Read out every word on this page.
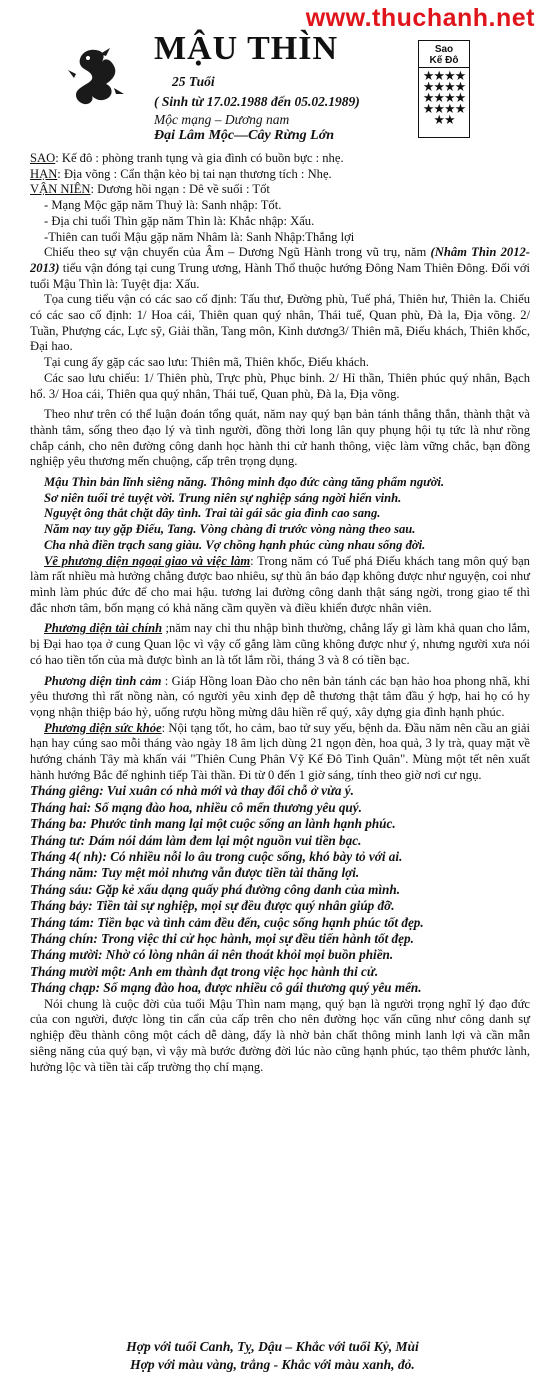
www.thuchanh.net
MẬU THÌN
25 Tuổi
( Sinh từ 17.02.1988 đến 05.02.1989)
Mộc mạng – Dương nam
Đại Lâm Mộc—Cây Rừng Lớn
Sao
Kế Đô
★★★★
★★★★
★★★★
★★★★
★★

SAO: Kế đô : phòng tranh tụng và gia đình có buồn bực : nhẹ.

HẠN: Địa võng : Cẩn thận kẻo bị tai nạn thương tích : Nhẹ.

VẬN NIÊN: Dương hồi ngạn : Dê về suối : Tốt

- Mạng Mộc gặp năm Thuỷ là: Sanh nhập: Tốt.

- Địa chi tuổi Thìn gặp năm Thìn là: Khắc nhập: Xấu.

-Thiên can tuổi Mậu gặp năm Nhâm là: Sanh Nhập:Thắng lợi

Chiếu theo sự vận chuyển của Âm – Dương Ngũ Hành trong vũ trụ, năm (Nhâm Thìn 2012-2013) tiểu vận đóng tại cung Trung ương, Hành Thổ thuộc hướng Đông Nam Thiên Đông. Đối với tuổi Mậu Thìn là: Tuyệt địa: Xấu.

Tọa cung tiểu vận có các sao cố định: Tấu thư, Đường phù, Tuế phá, Thiên hư, Thiên la. Chiếu có các sao cố định: 1/ Hoa cái, Thiên quan quý nhân, Thái tuế, Quan phù, Đà la, Địa võng. 2/ Tuần, Phượng các, Lực sỹ, Giải thần, Tang môn, Kình dương3/ Thiên mã, Điếu khách, Thiên khốc, Đại hao.

Tại cung ấy gặp các sao lưu: Thiên mã, Thiên khốc, Điếu khách.

Các sao lưu chiếu: 1/ Thiên phù, Trực phù, Phục binh. 2/ Hỉ thần, Thiên phúc quý nhân, Bạch hổ. 3/ Hoa cái, Thiên qua quý nhân, Thái tuế, Quan phù, Đà la, Địa võng.

Theo như trên có thể luận đoán tổng quát, năm nay quý bạn bản tánh thẳng thắn, thành thật và thành tâm, sống theo đạo lý và tình người, đồng thời long lân quy phụng hội tụ tức là như rồng chắp cánh, cho nên đường công danh học hành thi cử hanh thông, việc làm vững chắc, bạn đồng nghiệp yêu thương mến chuộng, cấp trên trọng dụng.

Mậu Thìn bản lĩnh siêng năng. Thông minh đạo đức càng tăng phẩm người.

Sơ niên tuổi trẻ tuyệt vời. Trung niên sự nghiệp sáng ngời hiển vinh.

Nguyệt ông thắt chặt dây tình. Trai tài gái sắc gia đình cao sang.

Năm nay tuy gặp Điếu, Tang. Vòng chàng đi trước vòng nàng theo sau.

Cha nhà điền trạch sang giàu. Vợ chồng hạnh phúc cùng nhau sống đời.

Về phương diện ngoại giao và việc làm: Trong năm có Tuế phá Điếu khách tang môn quý bạn làm rất nhiều mà hưởng chẳng được bao nhiêu, sự thù ân báo đạp không được như nguyện, coi như mình làm phúc đức để cho mai hậu. tương lai đường công danh thật sáng ngời, trong giao tế thì đắc nhơn tâm, bốn mạng có khả năng cầm quyền và điều khiển được nhân viên.

Phương diện tài chính ;năm nay chỉ thu nhập bình thường, chẳng lấy gì làm khả quan cho lắm, bị Đại hao tọa ở cung Quan lộc vì vậy cố gắng làm cũng không được như ý, nhưng người xưa nói có hao tiền tốn của mà được bình an là tốt lắm rồi, tháng 3 và 8 có tiền bạc.

Phương diện tình cảm : Giáp Hồng loan Đào cho nên bản tánh các bạn hảo hoa phong nhã, khi yêu thương thì rất nồng nàn, có người yêu xinh đẹp dễ thương thật tâm đầu ý hợp, hai họ có hy vọng nhận thiệp báo hỷ, uống rượu hồng mừng dâu hiền rể quý, xây dựng gia đình hạnh phúc.

Phương diện sức khỏe: Nội tạng tốt, ho cảm, bao tử suy yếu, bệnh da. Đầu năm nên cầu an giải hạn hay cúng sao mỗi tháng vào ngày 18 âm lịch dùng 21 ngọn đèn, hoa quả, 3 ly trà, quay mặt về hướng chánh Tây mà khấn vái "Thiên Cung Phân Vỹ Kế Đô Tinh Quân". Mùng một tết nên xuất hành hướng Bắc để nghinh tiếp Tài thần. Đi từ 0 đến 1 giờ sáng, tính theo giờ nơi cư ngụ.

Tháng giêng: Vui xuân có nhà mới và thay đổi chỗ ở vừa ý.

Tháng hai: Số mạng đào hoa, nhiều cô mến thương yêu quý.

Tháng ba: Phước tinh mang lại một cuộc sống an lành hạnh phúc.

Tháng tư: Dám nói dám làm đem lại một nguồn vui tiền bạc.

Tháng 4( nh): Có nhiều nỗi lo âu trong cuộc sống, khó bày tỏ với ai.

Tháng năm: Tuy mệt mỏi nhưng vẫn được tiền tài thăng lợi.

Tháng sáu: Gặp kẻ xấu dạng quấy phá đường công danh của mình.

Tháng bảy: Tiền tài sự nghiệp, mọi sự đều được quý nhân giúp đỡ.

Tháng tám: Tiền bạc và tình cảm đều đến, cuộc sống hạnh phúc tốt đẹp.

Tháng chín: Trong việc thi cử học hành, mọi sự đều tiến hành tốt đẹp.

Tháng mười: Nhờ có lòng nhân ái nên thoát khỏi mọi buồn phiền.

Tháng mười một: Anh em thành đạt trong việc học hành thi cử.

Tháng chạp: Số mạng đào hoa, được nhiều cô gái thương quý yêu mến.

Nói chung là cuộc đời của tuổi Mậu Thìn nam mạng, quý bạn là người trọng nghĩ lý đạo đức của con người, được lòng tin cẩn của cấp trên cho nên đường học vấn cũng như công danh sự nghiệp đều thành công một cách dễ dàng, đấy là nhờ bản chất thông minh lanh lợi và cần mẫn siêng năng của quý bạn, vì vậy mà bước đường đời lúc nào cũng hạnh phúc, tạo thêm phước lành, hưởng lộc và tiền tài cấp trường thọ chí mạng.

Hợp với tuổi Canh, Tỵ, Dậu – Khắc với tuổi Kỷ, Mùi
Hợp với màu vàng, trắng - Khắc với màu xanh, đỏ.
